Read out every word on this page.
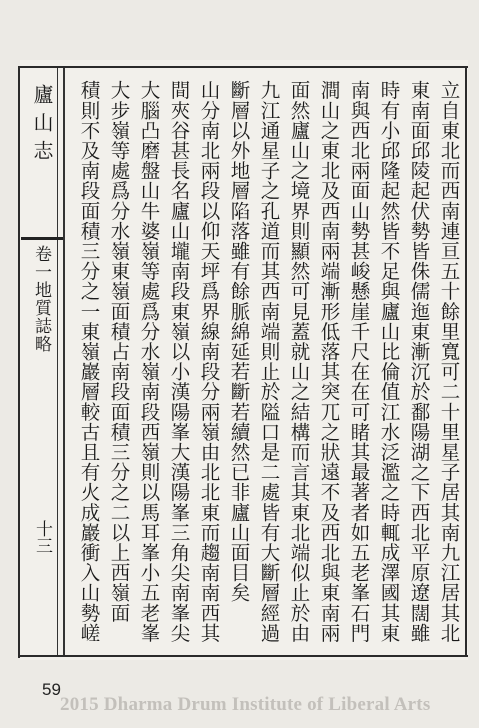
廬山志
卷一地質誌略
十三	立自東北而西南連亘五十餘里寬可二十里星子居其南九江居其北
東南面邱陵起伏勢皆侏儒迤東漸沉於鄱陽湖之下西北平原遼闊雖
時有小邱隆起然皆不足與廬山比倫值江水泛濫之時輒成澤國其東
南與西北兩面山勢甚峻懸崖千尺在在可睹其最著者如五老峯石門
澗山之東北及西南兩端漸形低落其突兀之狀遠不及西北與東南兩
面然廬山之境界則顯然可見蓋就山之結構而言其東北端似止於由
九江通星子之孔道而其西南端則止於隘口是二處皆有大斷層經過
斷層以外地層陷落雖有餘脈綿延若斷若續然已非廬山面目矣
山分南北兩段以仰天坪爲界線南段分兩嶺由北北東而趨南南西其
間夾谷甚長名廬山壠南段東嶺以小漢陽峯大漢陽峯三角尖南峯尖
大腦凸磨盤山牛婆嶺等處爲分水嶺南段西嶺則以馬耳峯小五老峯
大步嶺等處爲分水嶺東嶺面積占南段面積三分之二以上西嶺面
積則不及南段面積三分之一東嶺巖層較古且有火成巖衝入山勢嵯
59
2015 Dharma Drum Institute of Liberal Arts
